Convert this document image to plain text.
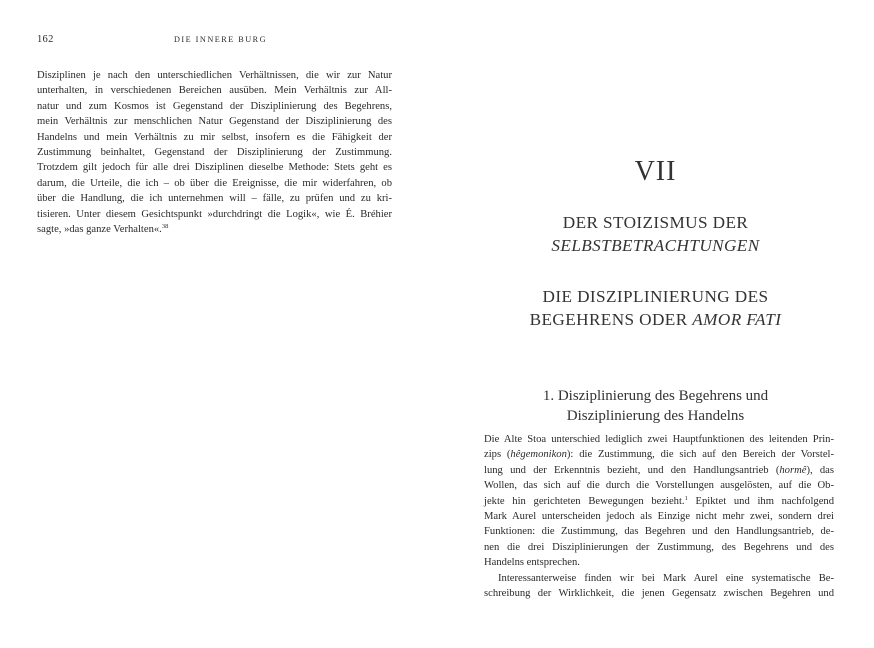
162	DIE INNERE BURG
Disziplinen je nach den unterschiedlichen Verhältnissen, die wir zur Natur
unterhalten, in verschiedenen Bereichen ausüben. Mein Verhältnis zur All-
natur und zum Kosmos ist Gegenstand der Disziplinierung des Begehrens,
mein Verhältnis zur menschlichen Natur Gegenstand der Disziplinierung des
Handelns und mein Verhältnis zu mir selbst, insofern es die Fähigkeit der
Zustimmung beinhaltet, Gegenstand der Disziplinierung der Zustimmung.
Trotzdem gilt jedoch für alle drei Disziplinen dieselbe Methode: Stets geht es
darum, die Urteile, die ich – ob über die Ereignisse, die mir widerfahren, ob
über die Handlung, die ich unternehmen will – fälle, zu prüfen und zu kri-
tisieren. Unter diesem Gesichtspunkt »durchdringt die Logik«, wie É. Bréhier
sagte, »das ganze Verhalten«.$^{38}$
VII
DER STOIZISMUS DER
SELBSTBETRACHTUNGEN
DIE DISZIPLINIERUNG DES
BEGEHRENS ODER AMOR FATI
1. Disziplinierung des Begehrens und
Disziplinierung des Handelns
Die Alte Stoa unterschied lediglich zwei Hauptfunktionen des leitenden Prin-
zips (hêgemonikon): die Zustimmung, die sich auf den Bereich der Vorstel-
lung und der Erkenntnis bezieht, und den Handlungsantrieb (hormê), das
Wollen, das sich auf die durch die Vorstellungen ausgelösten, auf die Ob-
jekte hin gerichteten Bewegungen bezieht.$^1$ Epiktet und ihm nachfolgend
Mark Aurel unterscheiden jedoch als Einzige nicht mehr zwei, sondern drei
Funktionen: die Zustimmung, das Begehren und den Handlungsantrieb, de-
nen die drei Disziplinierungen der Zustimmung, des Begehrens und des
Handelns entsprechen.
Interessanterweise finden wir bei Mark Aurel eine systematische Be-
schreibung der Wirklichkeit, die jenen Gegensatz zwischen Begehren und
